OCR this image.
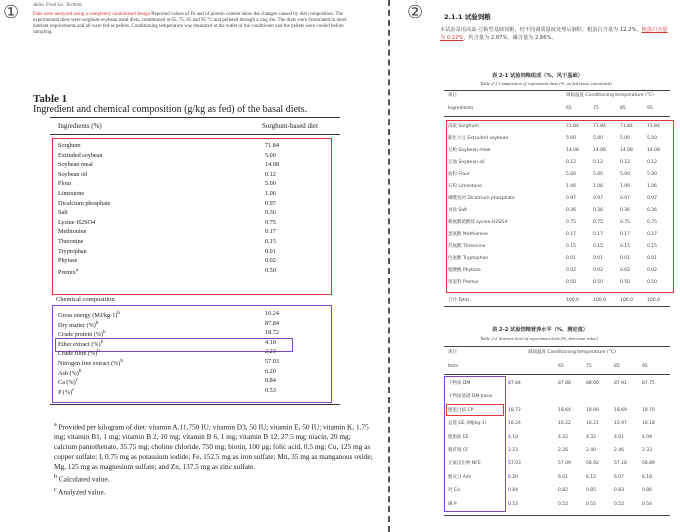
①	②
Anim. Feed Sci. Technol.
Data were analysed using a completely randomised design Reported values of Fe and of protein content show the changes caused by diet composition. The experimental diets were sorghum-soybean meal diets, conditioned at 65, 75, 85 and 95 °C and pelleted through a ring die. The diets were formulated to meet nutrient requirements and all were fed as pellets. Conditioning temperature was measured at the outlet of the conditioner and the pellets were cooled before sampling.
Table 1
Ingredient and chemical composition (g/kg as fed) of the basal diets.
Ingredients (%)	Sorghum-based diet
Sorghum	71.84
Extruded soybean	5.00
Soybean meal	14.08
Soybean oil	0.12
Flour	5.00
Limestone	1.06
Dicalcium phosphate	0.97
Salt	0.36
Lysine·H2SO4	0.75
Methionine	0.17
Threonine	0.15
Tryptophan	0.01
Phytase	0.02
Premix$^a$	0.50
Chemical composition
Gross energy $(MJ/kg-1)^b$	16.24
Dry matter (%)$^b$	87.84
Crude protein (%)$^b$	18.72
Ether extract (%)$^b$	4.10
Crude fibre (%)$^b$	2.23
Nitrogen free extract (%)$^b$	57.03
Ash (%)$^b$	6.20
Ca (%)$^c$	0.84
P (%)$^c$	0.53
$^a$ Provided per kilogram of diet: vitamin A,11,750 IU; vitamin D3, 50 IU; vitamin E, 50 IU; vitamin K, 1.75 mg; vitamin B1, 1 mg; vitamin B 2, 10 mg; vitamin B 6, 1 mg; vitamin B 12, 27.5 mg; niacin, 20 mg; calcium pantothenate, 35.75 mg; choline chloride, 750 mg; biotin, 100 μg; folic acid, 0.5 mg; Cu, 125 mg as copper sulfate; I, 0.75 mg as potassium iodide; Fe, 152.5 mg as iron sulfate; Mn, 35 mg as manganous oxide; Mg, 125 mg as magnesium sulfate; and Zn, 137.5 mg as zinc sulfate.
$^b$ Calculated value.
$^c$ Analyzed value.
2.1.1 试验饲粮
本试验采用高粱-豆粕型基础饲粮，经不同调质温度处理后制粒。粗蛋白含量为 12.2%，粗蛋白含量为 0.22%，钙含量为 2.87%，磷含量为 2.86%。
表 2-1 试验饲粮组成（%，风干基础）
Table 2-1 Composition of experiment diets (%, as-fed basis, calculated)
项目	调质温度 Conditioning temperature (°C)
Ingredients	65	75	85	95
高粱 Sorghum	71.84	71.84	71.84	71.84
膨化大豆 Extruded soybean	5.00	5.00	5.00	5.00
豆粕 Soybean meal	14.08	14.08	14.08	14.08
豆油 Soybean oil	0.12	0.12	0.12	0.12
面粉 Flour	5.00	5.00	5.00	5.00
石粉 Limestone	1.06	1.06	1.06	1.06
磷酸氢钙 Dicalcium phosphate	0.97	0.97	0.97	0.97
食盐 Salt	0.36	0.36	0.36	0.36
赖氨酸硫酸盐 Lysine·H2SO4	0.75	0.75	0.75	0.75
蛋氨酸 Methionine	0.17	0.17	0.17	0.17
苏氨酸 Threonine	0.15	0.15	0.15	0.15
色氨酸 Tryptophan	0.01	0.01	0.01	0.01
植酸酶 Phytase	0.02	0.02	0.02	0.02
预混料 Premix	0.50	0.50	0.50	0.50
合计 Total	100.0	100.0	100.0	100.0
表 2-2 试验饲粮营养水平（%，测定值）
Table 2-2 Nutrient level of experiment diets (%, detection value)
项目	调质温度 Conditioning temperature (°C)
Item	65	75	85	95
干物质 DM	87.84	87.88	88.06	87.91	87.75
干物质基础 DM basis
粗蛋白质 CP	18.72	18.64	18.66	18.69	18.70
总能 GE (MJ/kg-1)	16.24	16.22	16.21	15.97	16.18
粗脂肪 EE	4.10	4.22	4.32	4.01	4.09
粗纤维 CF	2.23	2.26	2.40	2.46	2.33
无氮浸出物 NFE	57.03	57.09	56.92	57.18	56.89
粗灰分 Ash	6.20	6.01	6.12	6.07	6.18
钙 Ca	0.84	0.82	0.85	0.83	0.86
磷 P	0.53	0.52	0.55	0.52	0.54
